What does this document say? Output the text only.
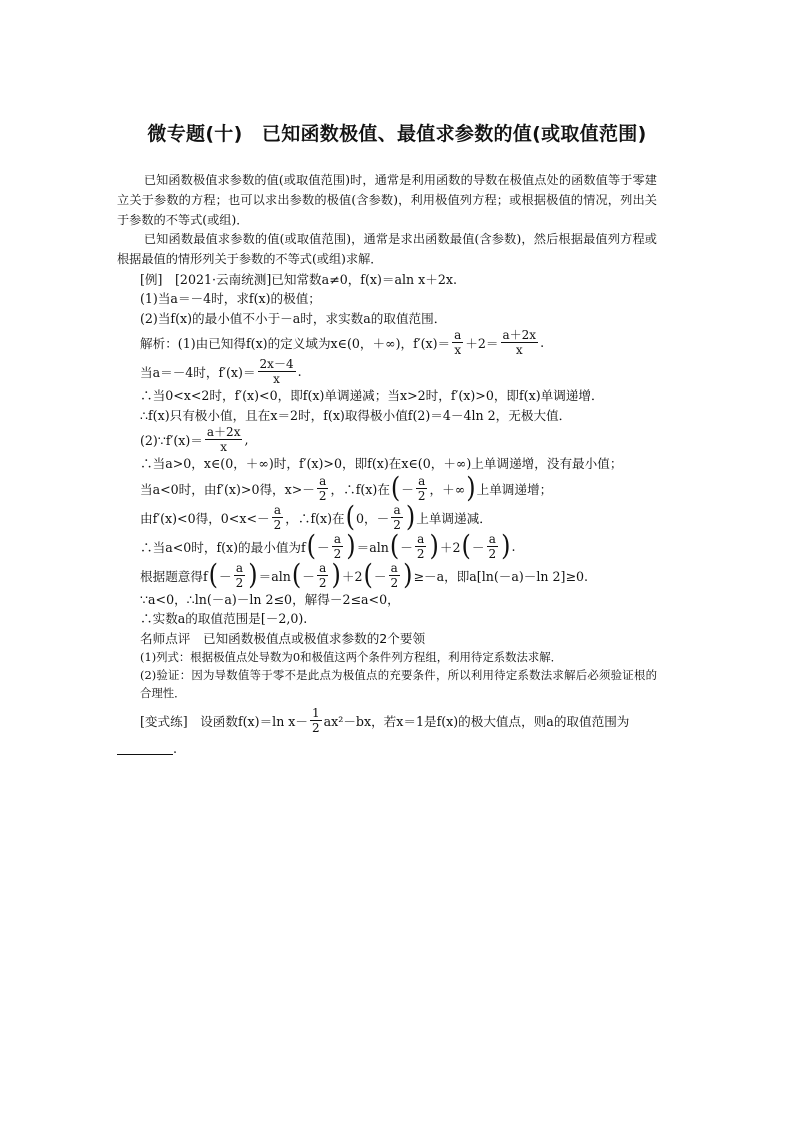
微专题(十)　已知函数极值、最值求参数的值(或取值范围)

已知函数极值求参数的值(或取值范围)时，通常是利用函数的导数在极值点处的函数值等于零建立关于参数的方程；也可以求出参数的极值(含参数)，利用极值列方程；或根据极值的情况，列出关于参数的不等式(或组)．

已知函数最值求参数的值(或取值范围)，通常是求出函数最值(含参数)，然后根据最值列方程或根据最值的情形列关于参数的不等式(或组)求解．

[例]　[2021·云南统测]已知常数a≠0，f(x)＝aln x＋2x.

(1)当a＝－4时，求f(x)的极值；

(2)当f(x)的最小值不小于－a时，求实数a的取值范围．

解析：(1)由已知得f(x)的定义域为x∈(0，＋∞)，$f'(x)= \frac{a}{x} +2= \frac{a+2x}{x}$ .
当a＝－4时，$f'(x)= \frac{2x-4}{x}$ .

∴当0<x<2时，f′(x)<0，即f(x)单调递减；当x>2时，f′(x)>0，即f(x)单调递增．

∴f(x)只有极小值，且在x＝2时，f(x)取得极小值f(2)＝4－4ln 2，无极大值．

(2)∵f′(x)＝ $\frac{a+2x}{x}$ ,

∴当a>0，x∈(0，＋∞)时，f′(x)>0，即f(x)在x∈(0，＋∞)上单调递增，没有最小值；

当a<0时，由f′(x)>0得，$x>- \frac{a}{2}$ ，∴f(x)在 ( － $\frac{a}{2}$ ，＋∞ ) 上单调递增；
由f′(x)<0得，$0<x<- \frac{a}{2}$ ，∴f(x)在 ( 0，－ $\frac{a}{2}$ ) 上单调递减．
∴当a<0时，f(x)的最小值为f ( － $\frac{a}{2}$ ) ＝aln ( － $\frac{a}{2}$ ) ＋2 ( － $\frac{a}{2}$ ) .
根据题意得f ( － $\frac{a}{2}$ ) ＝aln ( － $\frac{a}{2}$ ) ＋2 ( － $\frac{a}{2}$ ) ≥－a，即a[ln(－a)－ln 2]≥0.

∵a<0，∴ln(－a)－ln 2≤0，解得－2≤a<0，

∴实数a的取值范围是[－2,0).

名师点评　已知函数极值点或极值求参数的2个要领

(1)列式：根据极值点处导数为0和极值这两个条件列方程组，利用待定系数法求解．

(2)验证：因为导数值等于零不是此点为极值点的充要条件，所以利用待定系数法求解后必须验证根的合理性．

[变式练]　设函数f(x)＝ln $x- \frac{1}{2} ax^2-bx$，若x＝1是f(x)的极大值点，则a的取值范围为
.
